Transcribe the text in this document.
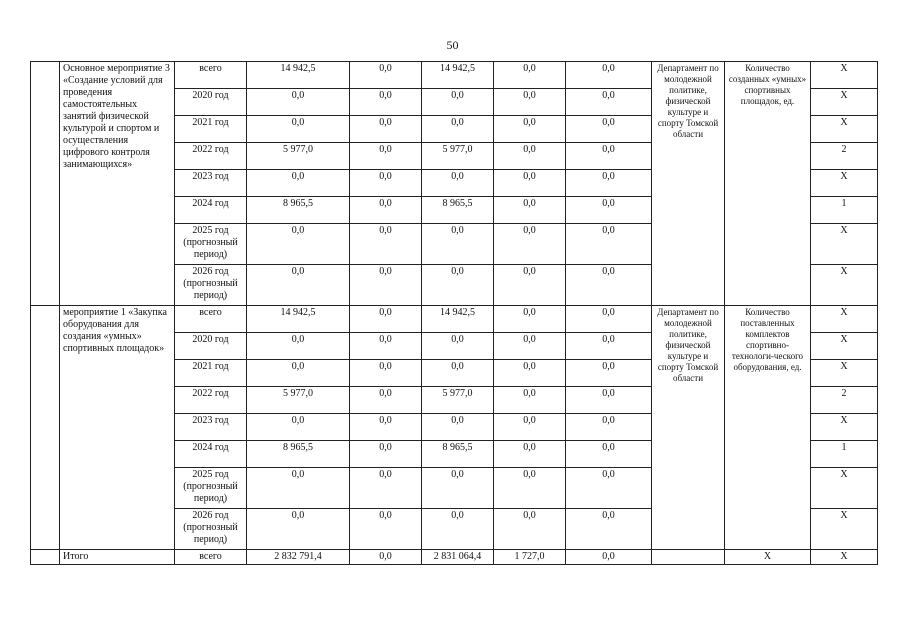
50
	Основное мероприятие 3 «Создание условий для проведения самостоятельных занятий физической культурой и спортом и осуществления цифрового контроля занимающихся»	всего	14 942,5	0,0	14 942,5	0,0	0,0	Департамент по молодежной политике, физической культуре и спорту Томской области	Количество созданных «умных» спортивных площадок, ед.	X
		2020 год	0,0	0,0	0,0	0,0	0,0			X
		2021 год	0,0	0,0	0,0	0,0	0,0			X
		2022 год	5 977,0	0,0	5 977,0	0,0	0,0			2
		2023 год	0,0	0,0	0,0	0,0	0,0			X
		2024 год	8 965,5	0,0	8 965,5	0,0	0,0			1
		2025 год (прогнозный период)	0,0	0,0	0,0	0,0	0,0			X
		2026 год (прогнозный период)	0,0	0,0	0,0	0,0	0,0			X
	мероприятие 1 «Закупка оборудования для создания «умных» спортивных площадок»	всего	14 942,5	0,0	14 942,5	0,0	0,0	Департамент по молодежной политике, физической культуре и спорту Томской области	Количество поставленных комплектов спортивно-технологи-ческого оборудования, ед.	X
		2020 год	0,0	0,0	0,0	0,0	0,0			X
		2021 год	0,0	0,0	0,0	0,0	0,0			X
		2022 год	5 977,0	0,0	5 977,0	0,0	0,0			2
		2023 год	0,0	0,0	0,0	0,0	0,0			X
		2024 год	8 965,5	0,0	8 965,5	0,0	0,0			1
		2025 год (прогнозный период)	0,0	0,0	0,0	0,0	0,0			X
		2026 год (прогнозный период)	0,0	0,0	0,0	0,0	0,0			X
	Итого	всего	2 832 791,4	0,0	2 831 064,4	1 727,0	0,0		X	X
